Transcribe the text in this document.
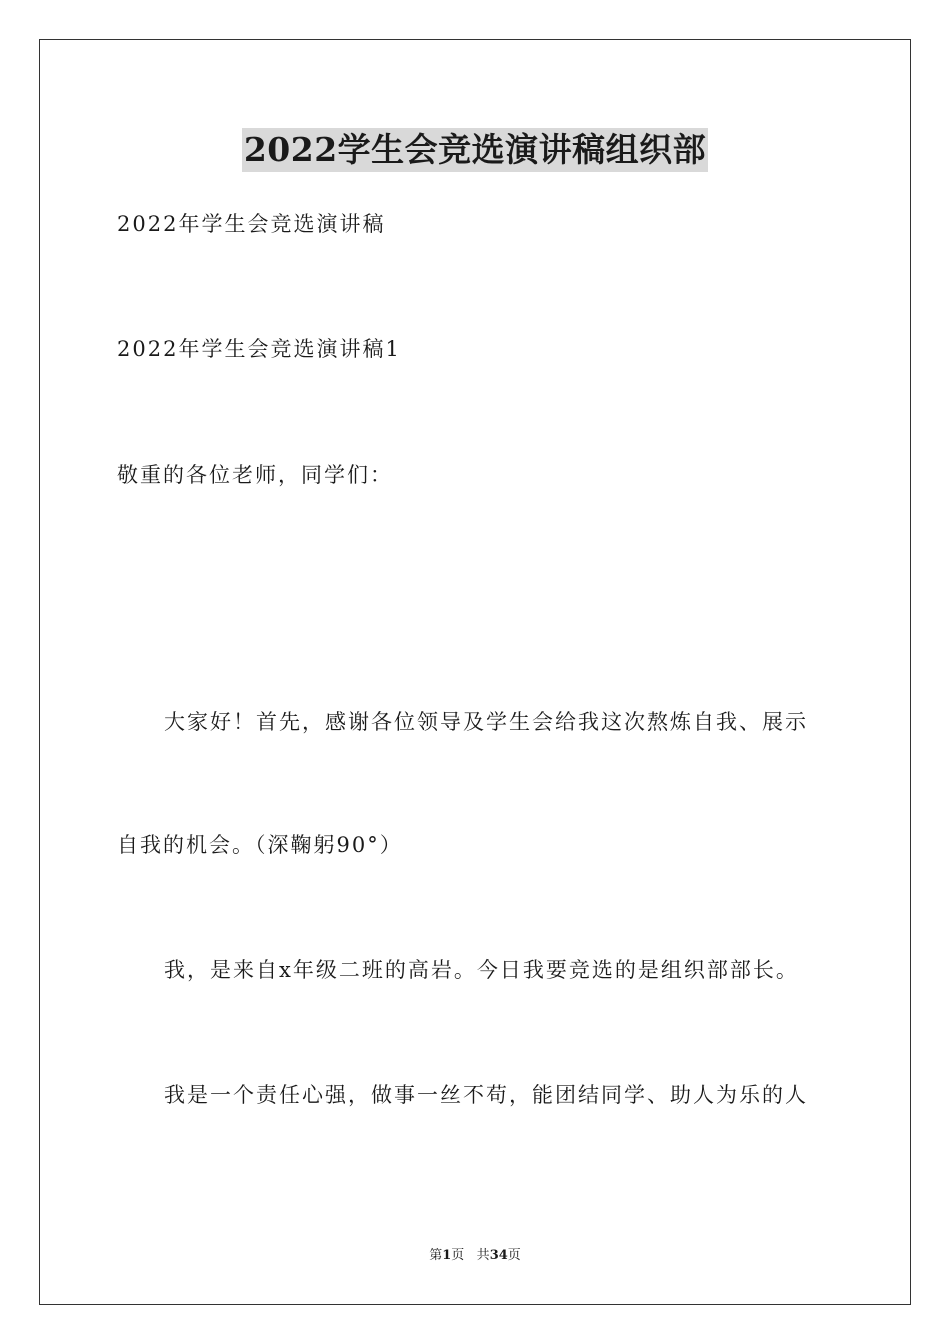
2022学生会竞选演讲稿组织部
2022年学生会竞选演讲稿
2022年学生会竞选演讲稿1
敬重的各位老师，同学们：
大家好！首先，感谢各位领导及学生会给我这次熬炼自我、展示
自我的机会。（深鞠躬90°）
我，是来自x年级二班的高岩。今日我要竞选的是组织部部长。
我是一个责任心强，做事一丝不苟，能团结同学、助人为乐的人
第1页 共34页
